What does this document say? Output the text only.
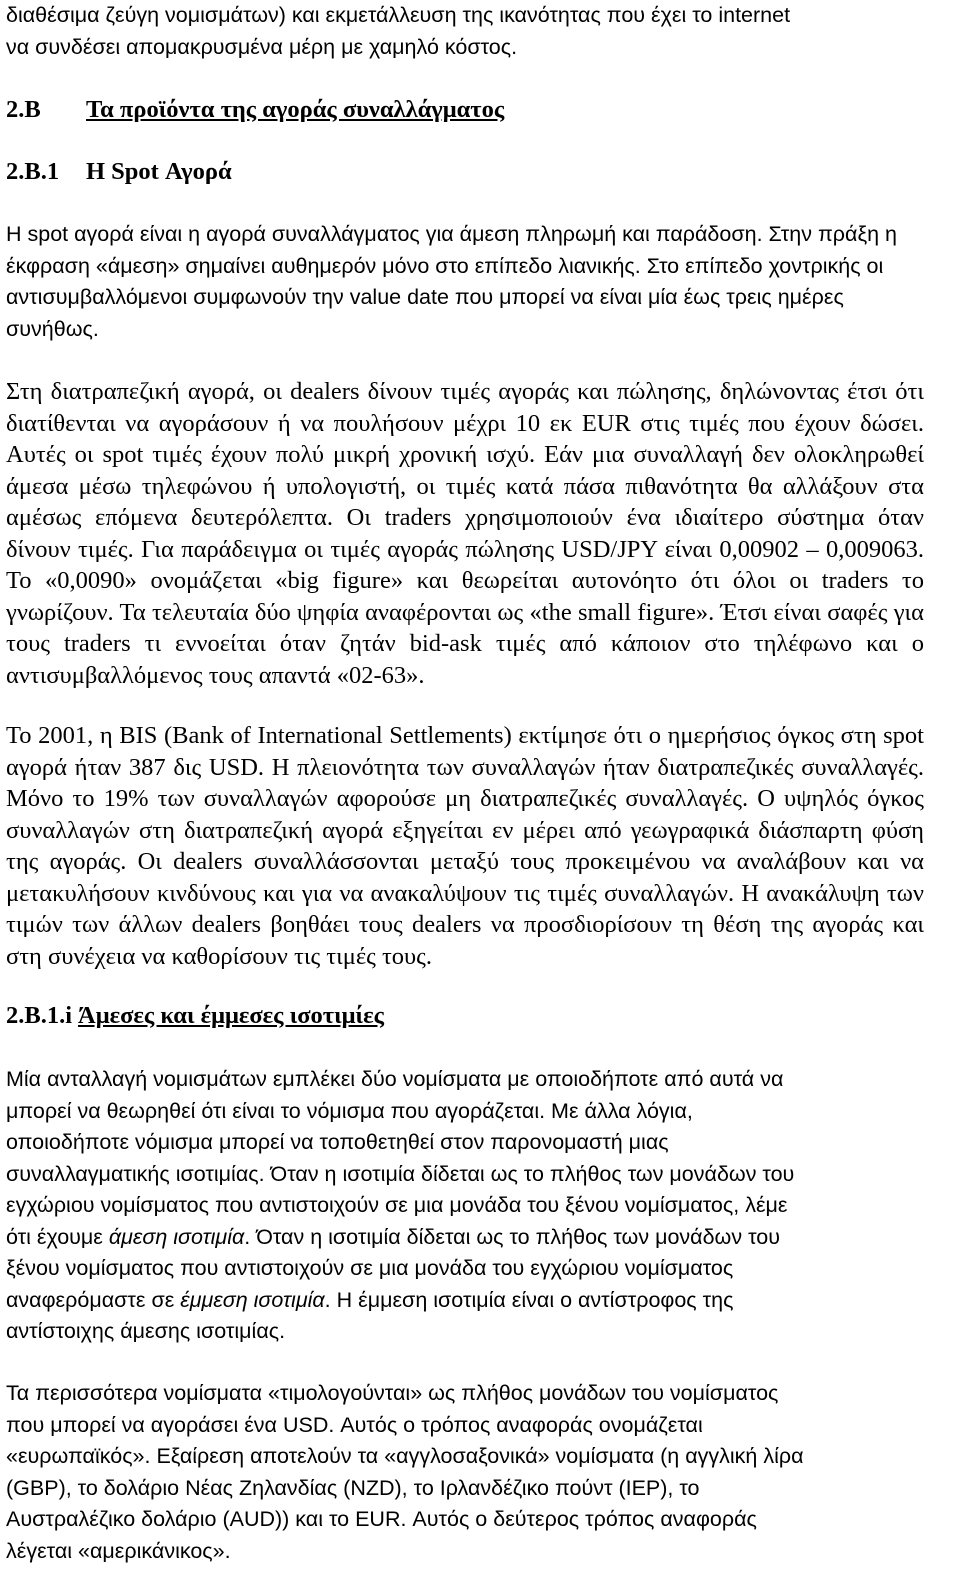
διαθέσιμα ζεύγη νομισμάτων) και εκμετάλλευση της ικανότητας που έχει το internet
να συνδέσει απομακρυσμένα μέρη με χαμηλό κόστος.
2.B Τα προϊόντα της αγοράς συναλλάγματος
2.B.1 Η Spot Αγορά
Η spot αγορά είναι η αγορά συναλλάγματος για άμεση πληρωμή και παράδοση. Στην πράξη η έκφραση «άμεση» σημαίνει αυθημερόν μόνο στο επίπεδο λιανικής. Στο επίπεδο χοντρικής οι αντισυμβαλλόμενοι συμφωνούν την value date που μπορεί να είναι μία έως τρεις ημέρες συνήθως.
Στη διατραπεζική αγορά, οι dealers δίνουν τιμές αγοράς και πώλησης, δηλώνοντας έτσι ότι διατίθενται να αγοράσουν ή να πουλήσουν μέχρι 10 εκ EUR στις τιμές που έχουν δώσει. Αυτές οι spot τιμές έχουν πολύ μικρή χρονική ισχύ. Εάν μια συναλλαγή δεν ολοκληρωθεί άμεσα μέσω τηλεφώνου ή υπολογιστή, οι τιμές κατά πάσα πιθανότητα θα αλλάξουν στα αμέσως επόμενα δευτερόλεπτα. Οι traders χρησιμοποιούν ένα ιδιαίτερο σύστημα όταν δίνουν τιμές. Για παράδειγμα οι τιμές αγοράς πώλησης USD/JPY είναι 0,00902 – 0,009063. Το «0,0090» ονομάζεται «big figure» και θεωρείται αυτονόητο ότι όλοι οι traders το γνωρίζουν. Τα τελευταία δύο ψηφία αναφέρονται ως «the small figure». Έτσι είναι σαφές για τους traders τι εννοείται όταν ζητάν bid-ask τιμές από κάποιον στο τηλέφωνο και ο αντισυμβαλλόμενος τους απαντά «02-63».
Το 2001, η BIS (Bank of International Settlements) εκτίμησε ότι ο ημερήσιος όγκος στη spot αγορά ήταν 387 δις USD. Η πλειονότητα των συναλλαγών ήταν διατραπεζικές συναλλαγές. Μόνο το 19% των συναλλαγών αφορούσε μη διατραπεζικές συναλλαγές. Ο υψηλός όγκος συναλλαγών στη διατραπεζική αγορά εξηγείται εν μέρει από γεωγραφικά διάσπαρτη φύση της αγοράς. Οι dealers συναλλάσσονται μεταξύ τους προκειμένου να αναλάβουν και να μετακυλήσουν κινδύνους και για να ανακαλύψουν τις τιμές συναλλαγών. Η ανακάλυψη των τιμών των άλλων dealers βοηθάει τους dealers να προσδιορίσουν τη θέση της αγοράς και στη συνέχεια να καθορίσουν τις τιμές τους.
2.B.1.i Άμεσες και έμμεσες ισοτιμίες
Μία ανταλλαγή νομισμάτων εμπλέκει δύο νομίσματα με οποιοδήποτε από αυτά να
μπορεί να θεωρηθεί ότι είναι το νόμισμα που αγοράζεται. Με άλλα λόγια,
οποιοδήποτε νόμισμα μπορεί να τοποθετηθεί στον παρονομαστή μιας
συναλλαγματικής ισοτιμίας. Όταν η ισοτιμία δίδεται ως το πλήθος των μονάδων του
εγχώριου νομίσματος που αντιστοιχούν σε μια μονάδα του ξένου νομίσματος, λέμε
ότι έχουμε άμεση ισοτιμία. Όταν η ισοτιμία δίδεται ως το πλήθος των μονάδων του
ξένου νομίσματος που αντιστοιχούν σε μια μονάδα του εγχώριου νομίσματος
αναφερόμαστε σε έμμεση ισοτιμία. Η έμμεση ισοτιμία είναι ο αντίστροφος της
αντίστοιχης άμεσης ισοτιμίας.
Τα περισσότερα νομίσματα «τιμολογούνται» ως πλήθος μονάδων του νομίσματος
που μπορεί να αγοράσει ένα USD. Αυτός ο τρόπος αναφοράς ονομάζεται
«ευρωπαϊκός». Εξαίρεση αποτελούν τα «αγγλοσαξονικά» νομίσματα (η αγγλική λίρα
(GBP), το δολάριο Νέας Ζηλανδίας (NZD), το Ιρλανδέζικο πούντ (IEP), το
Αυστραλέζικο δολάριο (AUD)) και το EUR. Αυτός ο δεύτερος τρόπος αναφοράς
λέγεται «αμερικάνικος».
